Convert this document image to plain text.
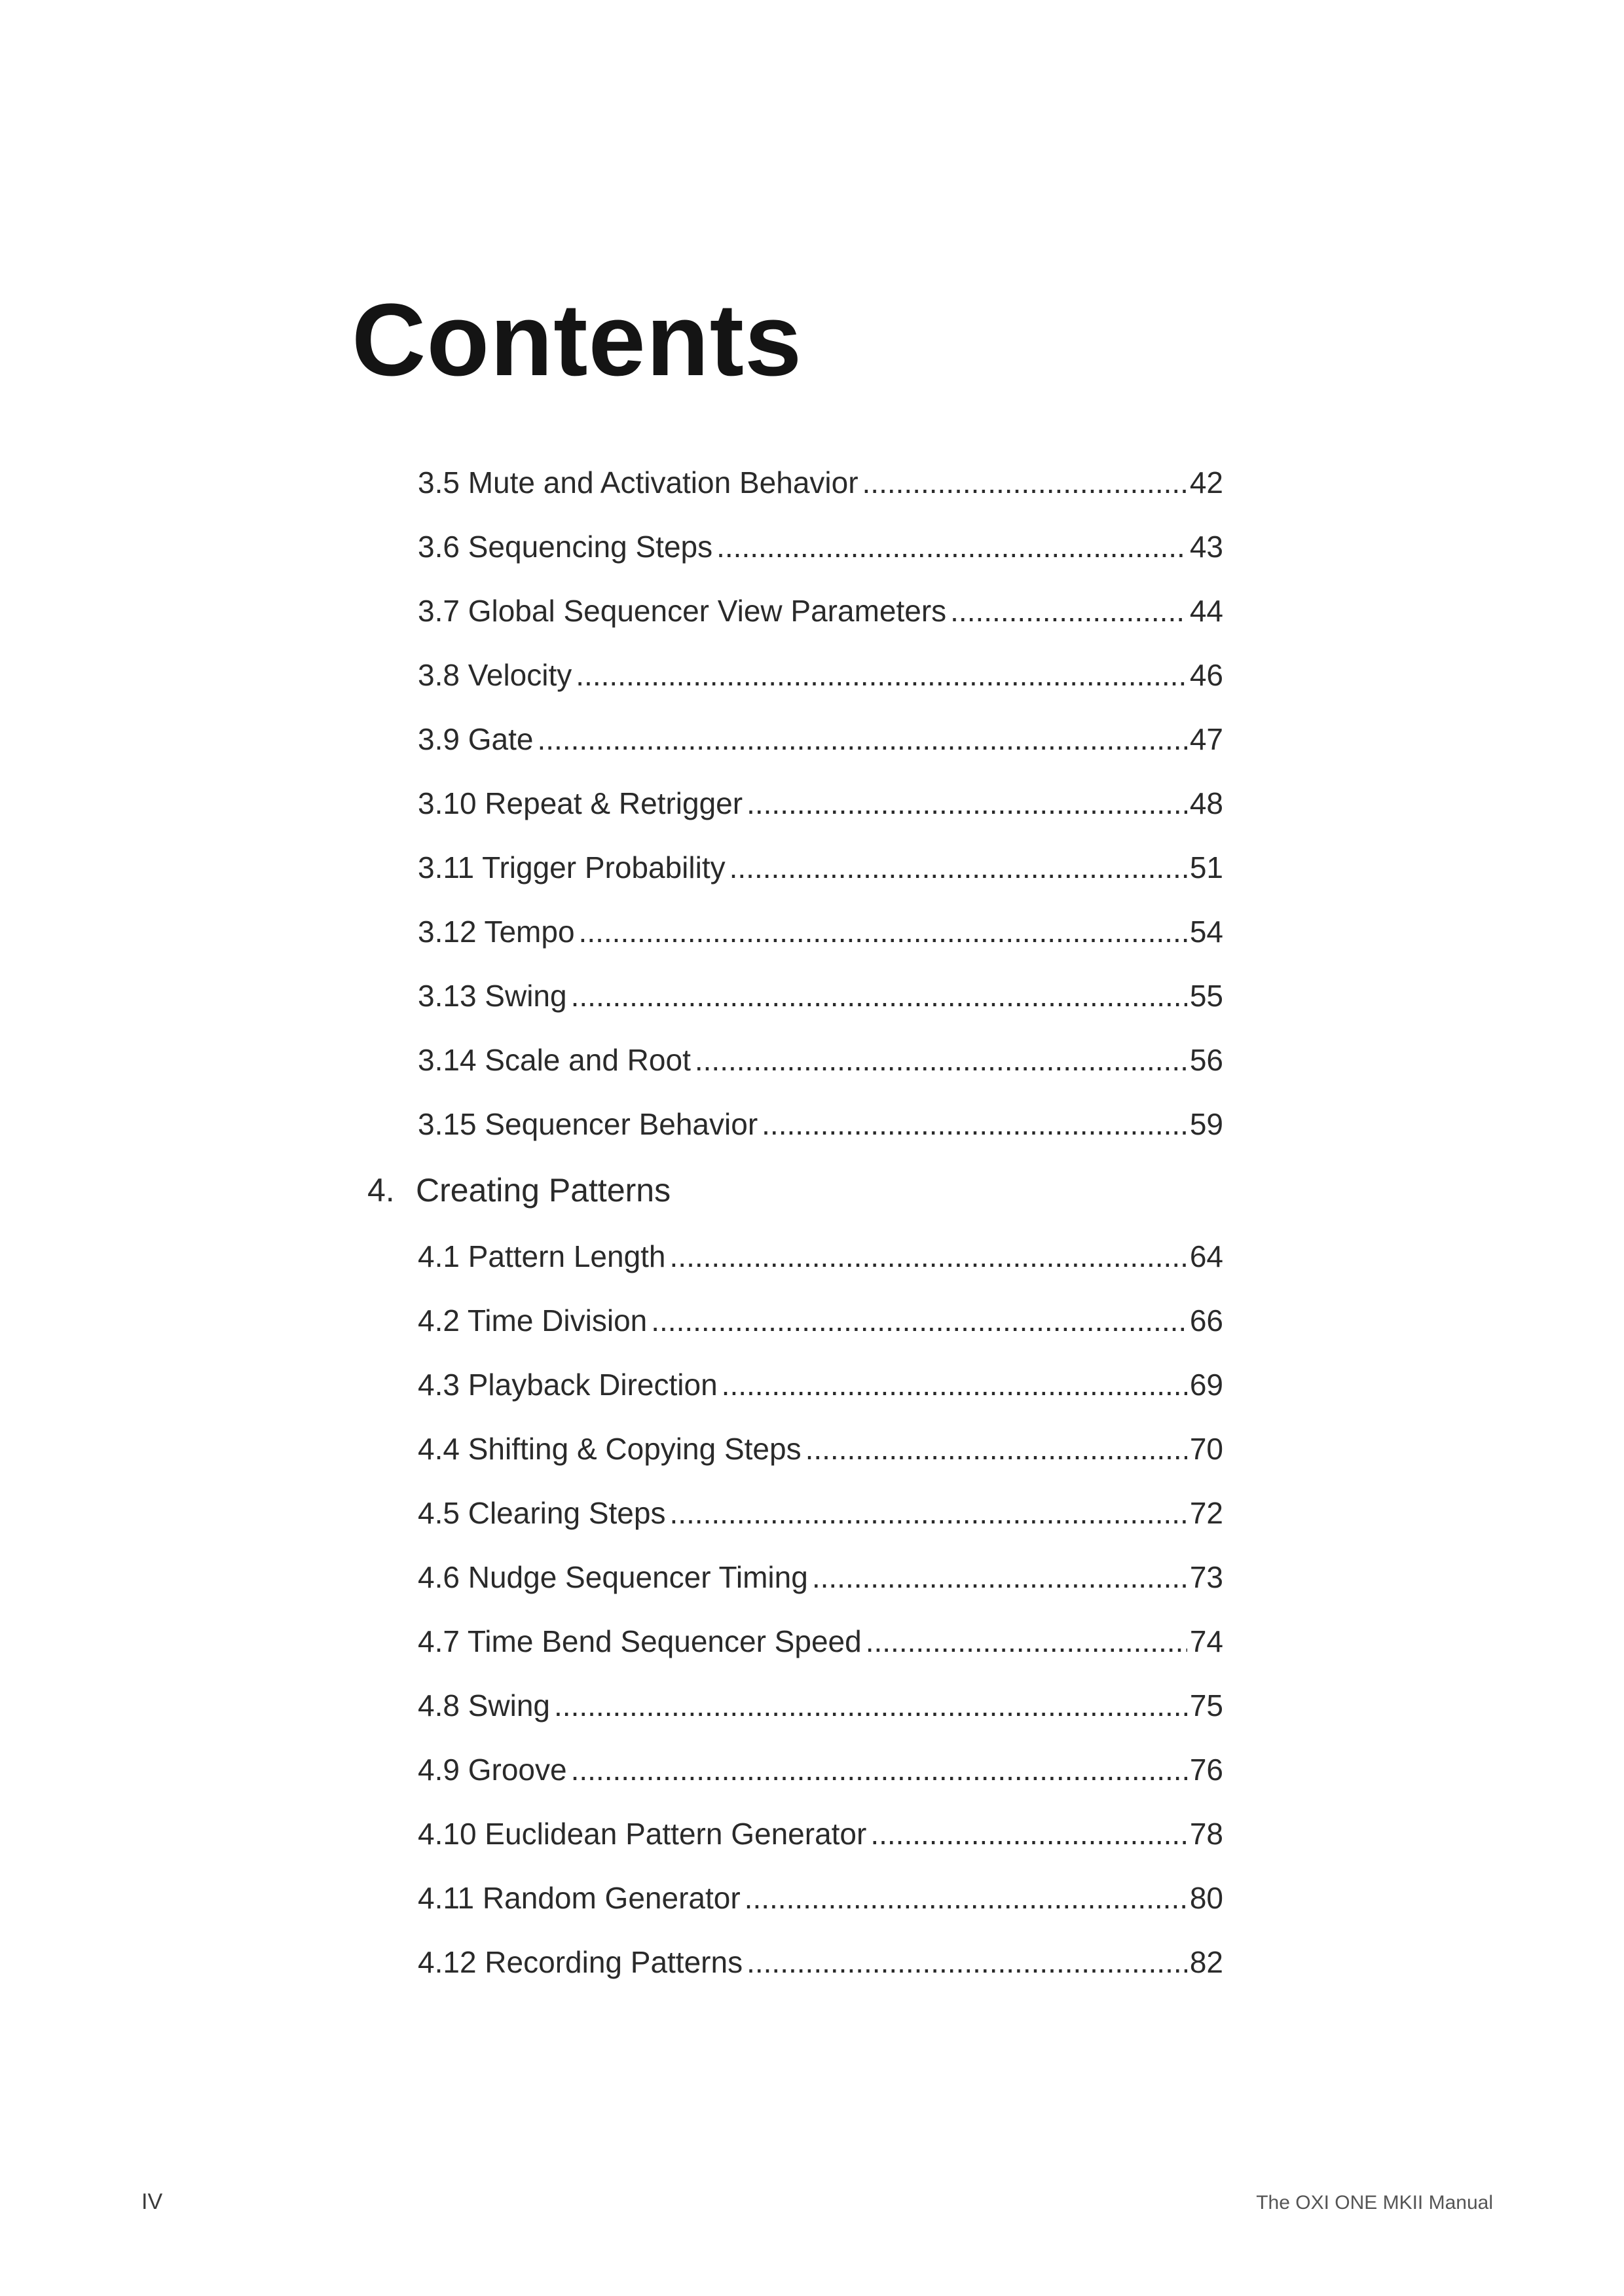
Contents
3.5 Mute and Activation Behavior .....	42
3.6 Sequencing Steps .....	43
3.7 Global Sequencer View Parameters .....	44
3.8 Velocity .....	46
3.9 Gate .....	47
3.10 Repeat & Retrigger .....	48
3.11 Trigger Probability .....	51
3.12 Tempo .....	54
3.13 Swing .....	55
3.14 Scale and Root .....	56
3.15 Sequencer Behavior .....	59
4. Creating Patterns
4.1 Pattern Length .....	64
4.2 Time Division .....	66
4.3 Playback Direction .....	69
4.4 Shifting & Copying Steps .....	70
4.5 Clearing Steps .....	72
4.6 Nudge Sequencer Timing .....	73
4.7 Time Bend Sequencer Speed .....	74
4.8 Swing .....	75
4.9 Groove .....	76
4.10 Euclidean Pattern Generator .....	78
4.11 Random Generator .....	80
4.12 Recording Patterns .....	82
IV	The OXI ONE MKII Manual
